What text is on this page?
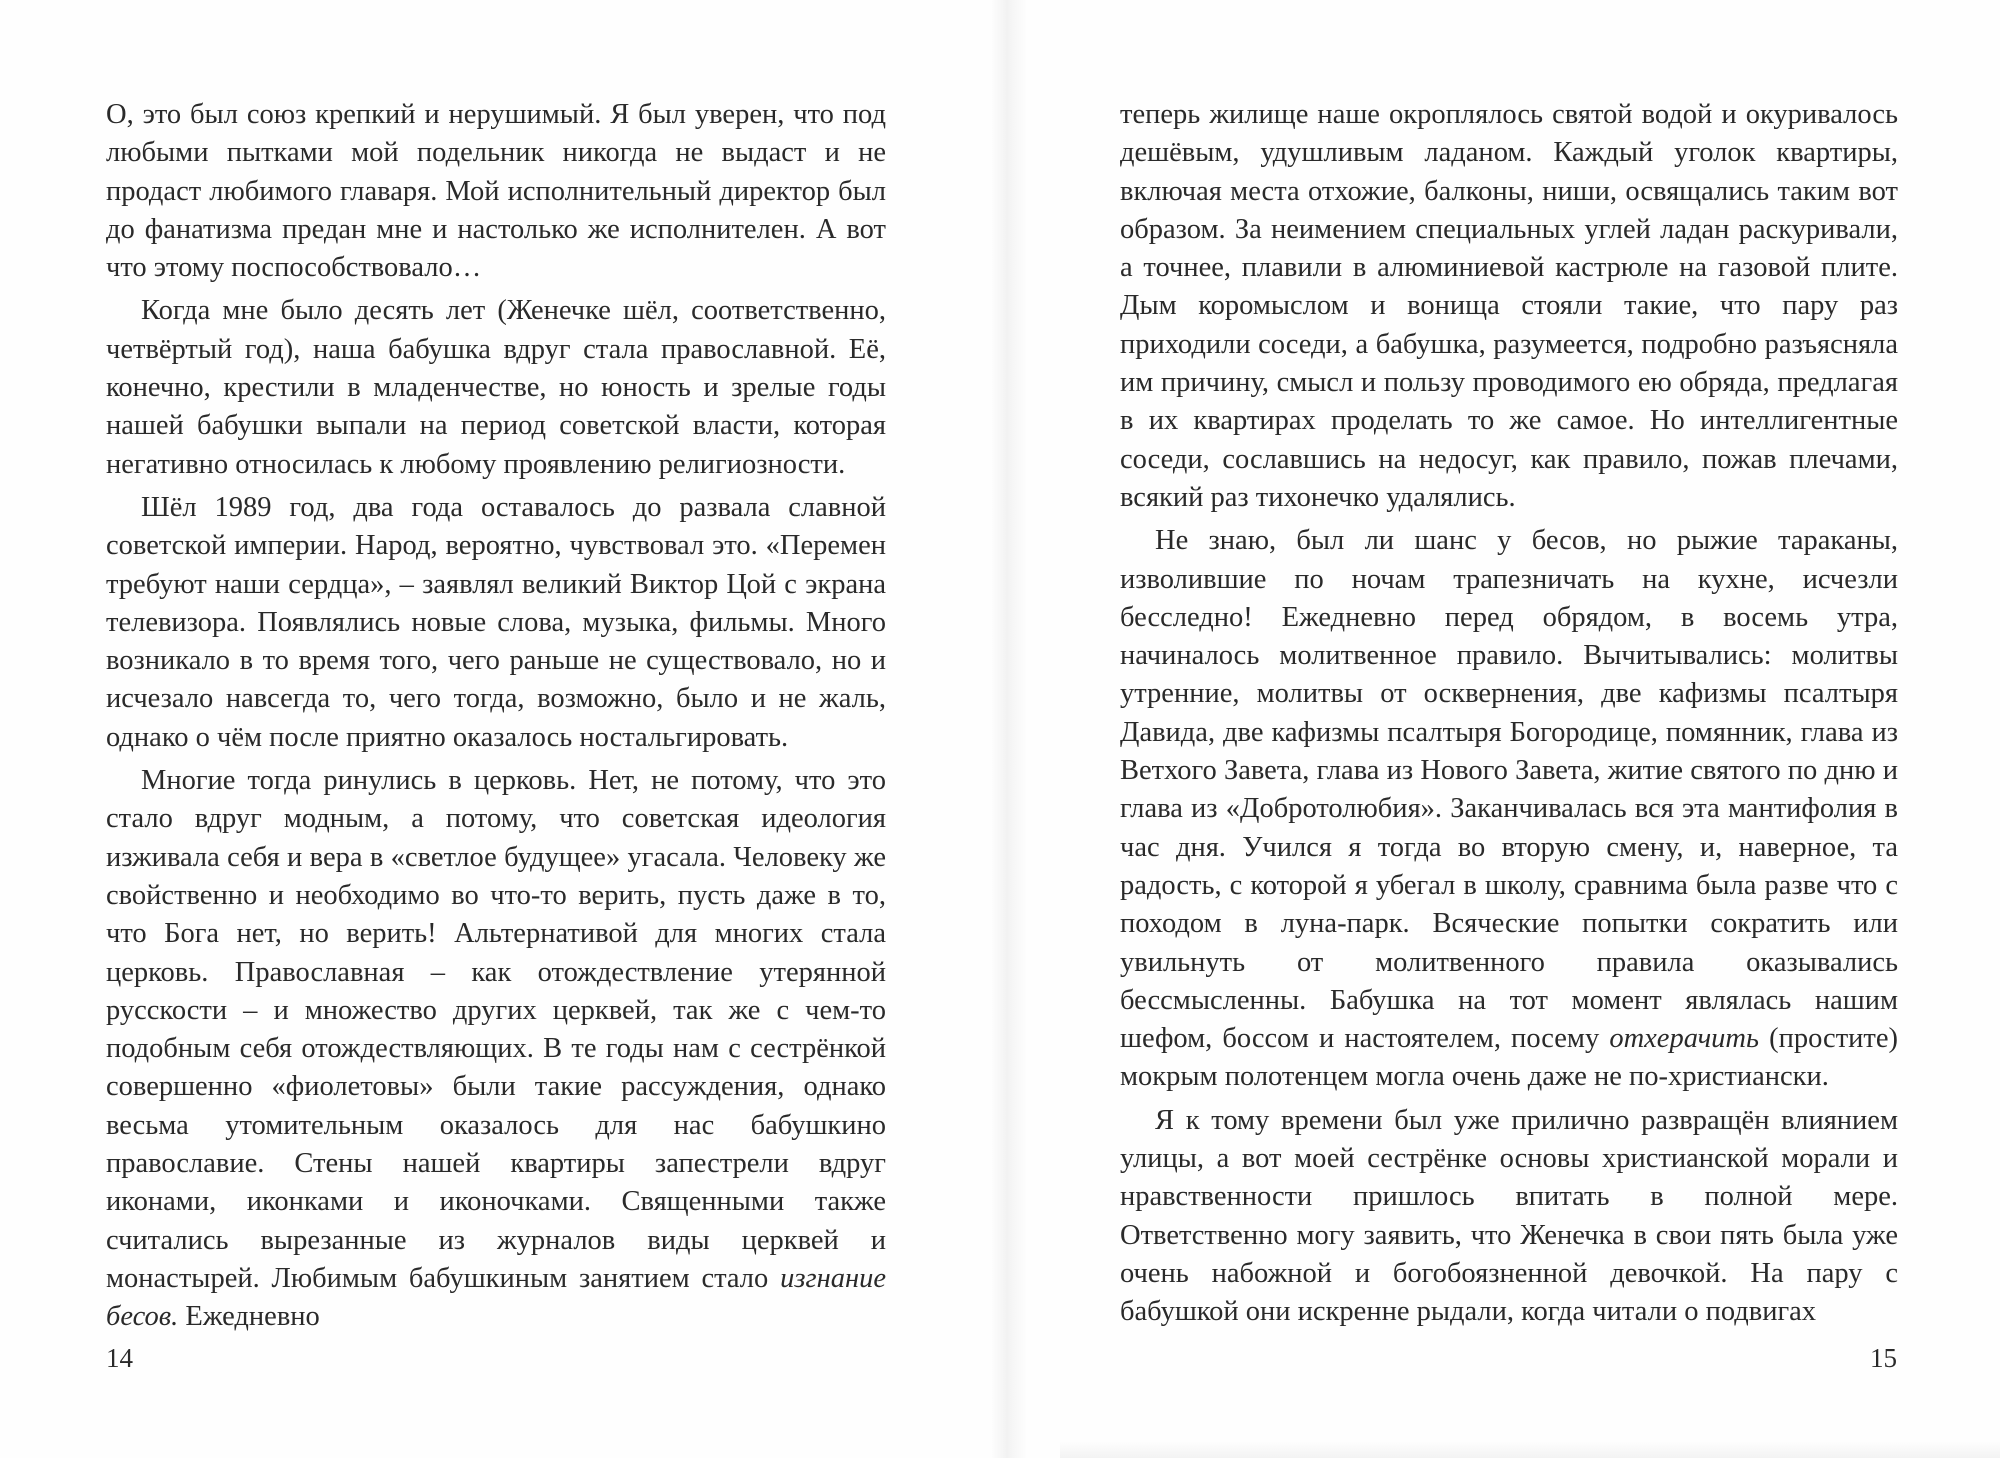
О, это был союз крепкий и нерушимый. Я был уверен, что под любыми пытками мой подельник никогда не выдаст и не продаст любимого главаря. Мой исполнительный директор был до фанатизма предан мне и настолько же исполнителен. А вот что этому поспособствовало…

Когда мне было десять лет (Женечке шёл, соответственно, четвёртый год), наша бабушка вдруг стала православной. Её, конечно, крестили в младенчестве, но юность и зрелые годы нашей бабушки выпали на период советской власти, которая негативно относилась к любому проявлению религиозности.

Шёл 1989 год, два года оставалось до развала славной советской империи. Народ, вероятно, чувствовал это. «Перемен требуют наши сердца», – заявлял великий Виктор Цой с экрана телевизора. Появлялись новые слова, музыка, фильмы. Много возникало в то время того, чего раньше не существовало, но и исчезало навсегда то, чего тогда, возможно, было и не жаль, однако о чём после приятно оказалось ностальгировать.

Многие тогда ринулись в церковь. Нет, не потому, что это стало вдруг модным, а потому, что советская идеология изживала себя и вера в «светлое будущее» угасала. Человеку же свойственно и необходимо во что-то верить, пусть даже в то, что Бога нет, но верить! Альтернативой для многих стала церковь. Православная – как отождествление утерянной русскости – и множество других церквей, так же с чем-то подобным себя отождествляющих. В те годы нам с сестрёнкой совершенно «фиолетовы» были такие рассуждения, однако весьма утомительным оказалось для нас бабушкино православие. Стены нашей квартиры запестрели вдруг иконами, иконками и иконочками. Священными также считались вырезанные из журналов виды церквей и монастырей. Любимым бабушкиным занятием стало изгнание бесов. Ежедневно

14

теперь жилище наше окроплялось святой водой и окуривалось дешёвым, удушливым ладаном. Каждый уголок квартиры, включая места отхожие, балконы, ниши, освящались таким вот образом. За неимением специальных углей ладан раскуривали, а точнее, плавили в алюминиевой кастрюле на газовой плите. Дым коромыслом и вонища стояли такие, что пару раз приходили соседи, а бабушка, разумеется, подробно разъясняла им причину, смысл и пользу проводимого ею обряда, предлагая в их квартирах проделать то же самое. Но интеллигентные соседи, сославшись на недосуг, как правило, пожав плечами, всякий раз тихонечко удалялись.

Не знаю, был ли шанс у бесов, но рыжие тараканы, изволившие по ночам трапезничать на кухне, исчезли бесследно! Ежедневно перед обрядом, в восемь утра, начиналось молитвенное правило. Вычитывались: молитвы утренние, молитвы от осквернения, две кафизмы псалтыря Давида, две кафизмы псалтыря Богородице, помянник, глава из Ветхого Завета, глава из Нового Завета, житие святого по дню и глава из «Добротолюбия». Заканчивалась вся эта мантифолия в час дня. Учился я тогда во вторую смену, и, наверное, та радость, с которой я убегал в школу, сравнима была разве что с походом в луна-парк. Всяческие попытки сократить или увильнуть от молитвенного правила оказывались бессмысленны. Бабушка на тот момент являлась нашим шефом, боссом и настоятелем, посему отхерачить (простите) мокрым полотенцем могла очень даже не по-христиански.

Я к тому времени был уже прилично развращён влиянием улицы, а вот моей сестрёнке основы христианской морали и нравственности пришлось впитать в полной мере. Ответственно могу заявить, что Женечка в свои пять была уже очень набожной и богобоязненной девочкой. На пару с бабушкой они искренне рыдали, когда читали о подвигах

15
